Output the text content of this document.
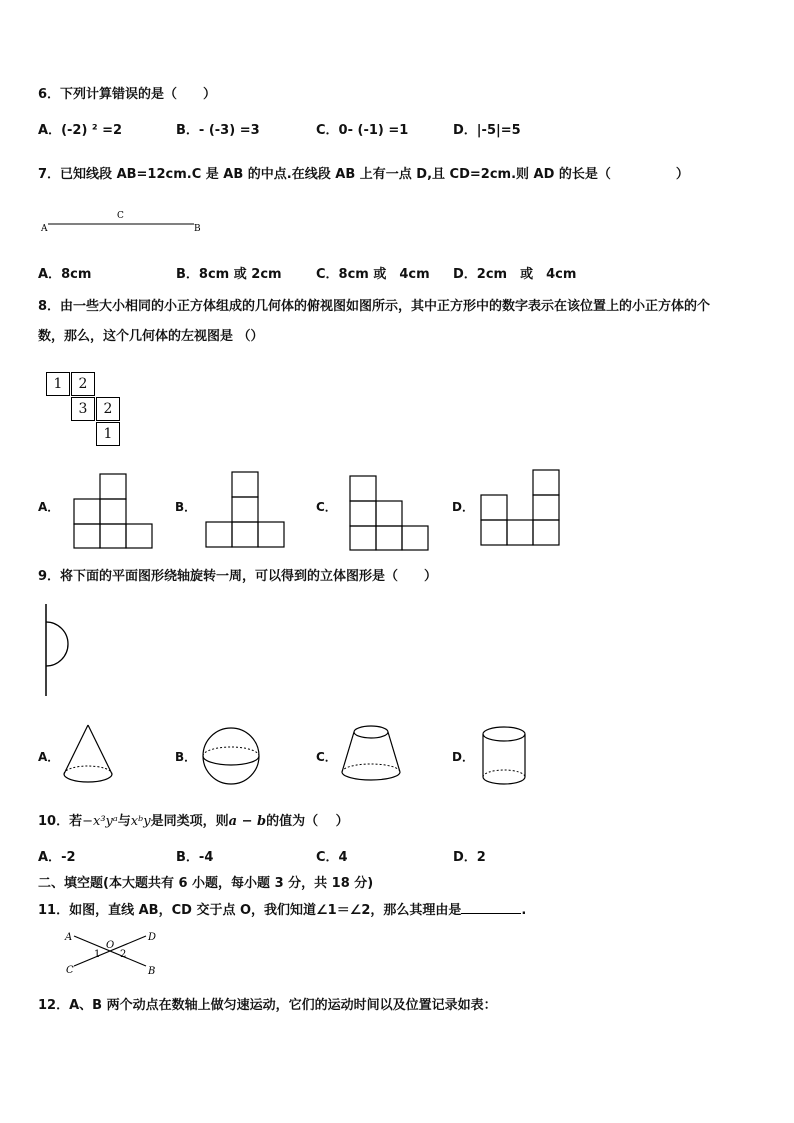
6．下列计算错误的是（　　）
A．(-2) ² =2	B．- (-3) =3	C．0- (-1) =1	D．|-5|=5
7．已知线段 AB=12cm.C 是 AB 的中点.在线段 AB 上有一点 D,且 CD=2cm.则 AD 的长是（　　　　　）
A
C
B
A．8cm	B．8cm 或 2cm	C．8cm 或　4cm D．2cm　或　4cm
8．由一些大小相同的小正方体组成的几何体的俯视图如图所示，其中正方形中的数字表示在该位置上的小正方体的个
数，那么，这个几何体的左视图是 （）
1	2
3	2
1
A．	B．	C．	D．
9．将下面的平面图形绕轴旋转一周，可以得到的立体图形是（　　）
A．	B．	C．	D．
10．若−x³yᵃ与xᵇy是同类项，则a − b的值为（　 ）
A．-2	B．-4	C．4	D．2
二、填空题(本大题共有 6 小题，每小题 3 分，共 18 分)
11．如图，直线 AB，CD 交于点 O，我们知道∠1＝∠2，那么其理由是	.
A
B
C
D
O
1 2
12．A、B 两个动点在数轴上做匀速运动，它们的运动时间以及位置记录如表：
